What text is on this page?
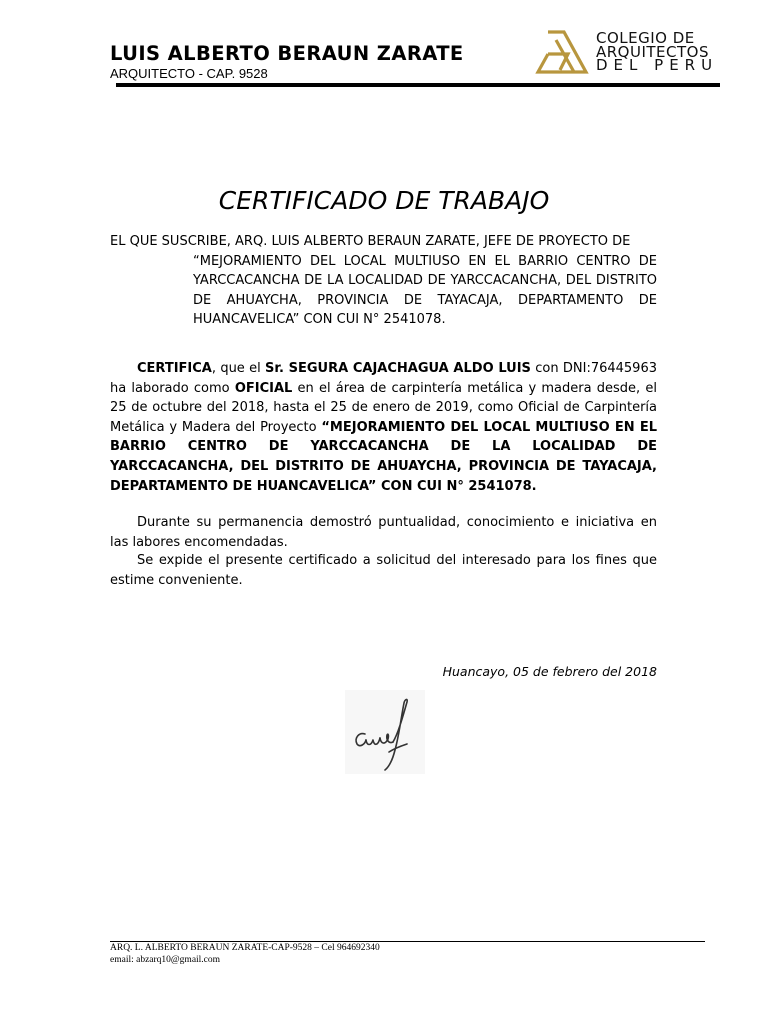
LUIS ALBERTO BERAUN ZARATE
ARQUITECTO - CAP. 9528
COLEGIO DE
ARQUITECTOS
DEL PERU
CERTIFICADO DE TRABAJO
EL QUE SUSCRIBE, ARQ. LUIS ALBERTO BERAUN ZARATE, JEFE DE PROYECTO DE
“MEJORAMIENTO DEL LOCAL MULTIUSO EN EL BARRIO CENTRO DE YARCCACANCHA DE LA LOCALIDAD DE YARCCACANCHA, DEL DISTRITO DE AHUAYCHA, PROVINCIA DE TAYACAJA, DEPARTAMENTO DE HUANCAVELICA” CON CUI N° 2541078.
CERTIFICA, que el Sr. SEGURA CAJACHAGUA ALDO LUIS con DNI:76445963 ha laborado como OFICIAL en el área de carpintería metálica y madera desde, el 25 de octubre del 2018, hasta el 25 de enero de 2019, como Oficial de Carpintería Metálica y Madera del Proyecto “MEJORAMIENTO DEL LOCAL MULTIUSO EN EL BARRIO CENTRO DE YARCCACANCHA DE LA LOCALIDAD DE YARCCACANCHA, DEL DISTRITO DE AHUAYCHA, PROVINCIA DE TAYACAJA, DEPARTAMENTO DE HUANCAVELICA” CON CUI N° 2541078.
Durante su permanencia demostró puntualidad, conocimiento e iniciativa en las labores encomendadas.
Se expide el presente certificado a solicitud del interesado para los fines que estime conveniente.
Huancayo, 05 de febrero del 2018
ARQ. L. ALBERTO BERAUN ZARATE-CAP-9528 – Cel 964692340
email: abzarq10@gmail.com
